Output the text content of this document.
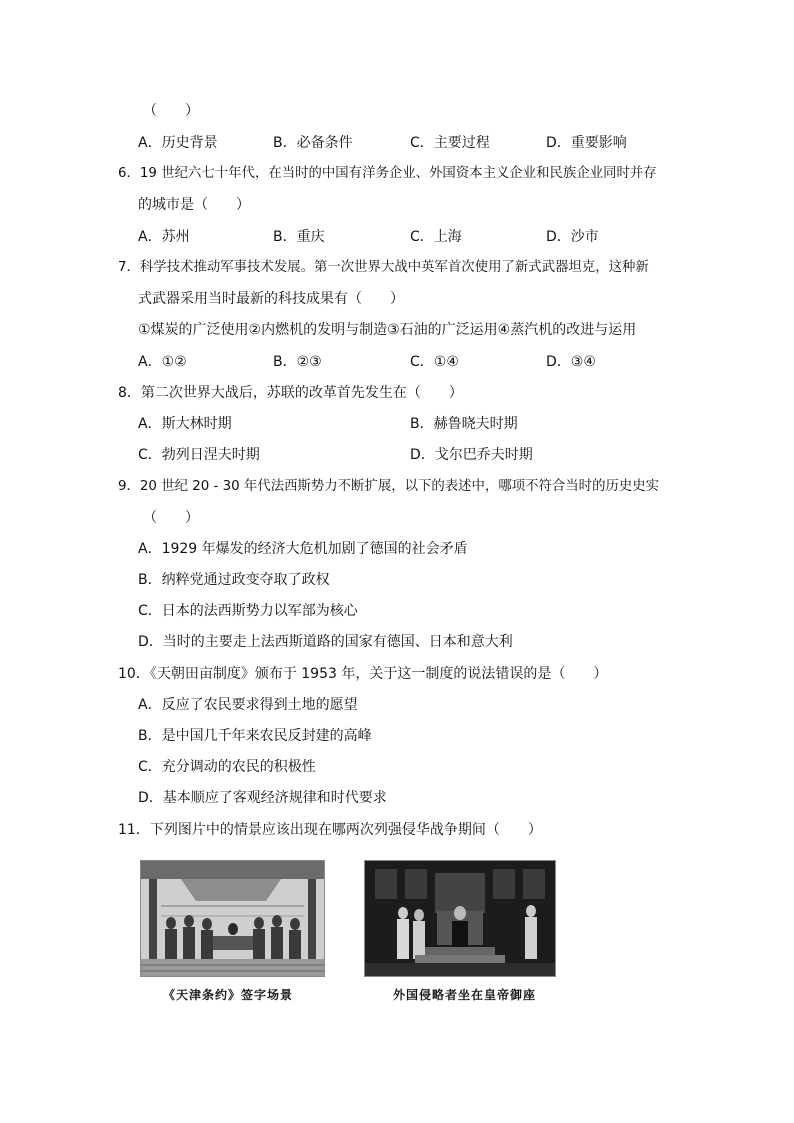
（　　）
A．历史背景	B．必备条件	C．主要过程	D．重要影响
6．19 世纪六七十年代，在当时的中国有洋务企业、外国资本主义企业和民族企业同时并存
的城市是（　　）
A．苏州	B．重庆	C．上海	D．沙市
7．科学技术推动军事技术发展。第一次世界大战中英军首次使用了新式武器坦克，这种新
式武器采用当时最新的科技成果有（　　）
①煤炭的广泛使用②内燃机的发明与制造③石油的广泛运用④蒸汽机的改进与运用
A．①②	B．②③	C．①④	D．③④
8．第二次世界大战后，苏联的改革首先发生在（　　）
A．斯大林时期	B．赫鲁晓夫时期
C．勃列日涅夫时期	D．戈尔巴乔夫时期
9．20 世纪 20 - 30 年代法西斯势力不断扩展，以下的表述中，哪项不符合当时的历史史实
（　　）
A．1929 年爆发的经济大危机加剧了德国的社会矛盾
B．纳粹党通过政变夺取了政权
C．日本的法西斯势力以军部为核心
D．当时的主要走上法西斯道路的国家有德国、日本和意大利
10．《天朝田亩制度》颁布于 1953 年，关于这一制度的说法错误的是（　　）
A．反应了农民要求得到土地的愿望
B．是中国几千年来农民反封建的高峰
C．充分调动的农民的积极性
D．基本顺应了客观经济规律和时代要求
11．下列图片中的情景应该出现在哪两次列强侵华战争期间（　　）
《天津条约》签字场景	外国侵略者坐在皇帝御座
